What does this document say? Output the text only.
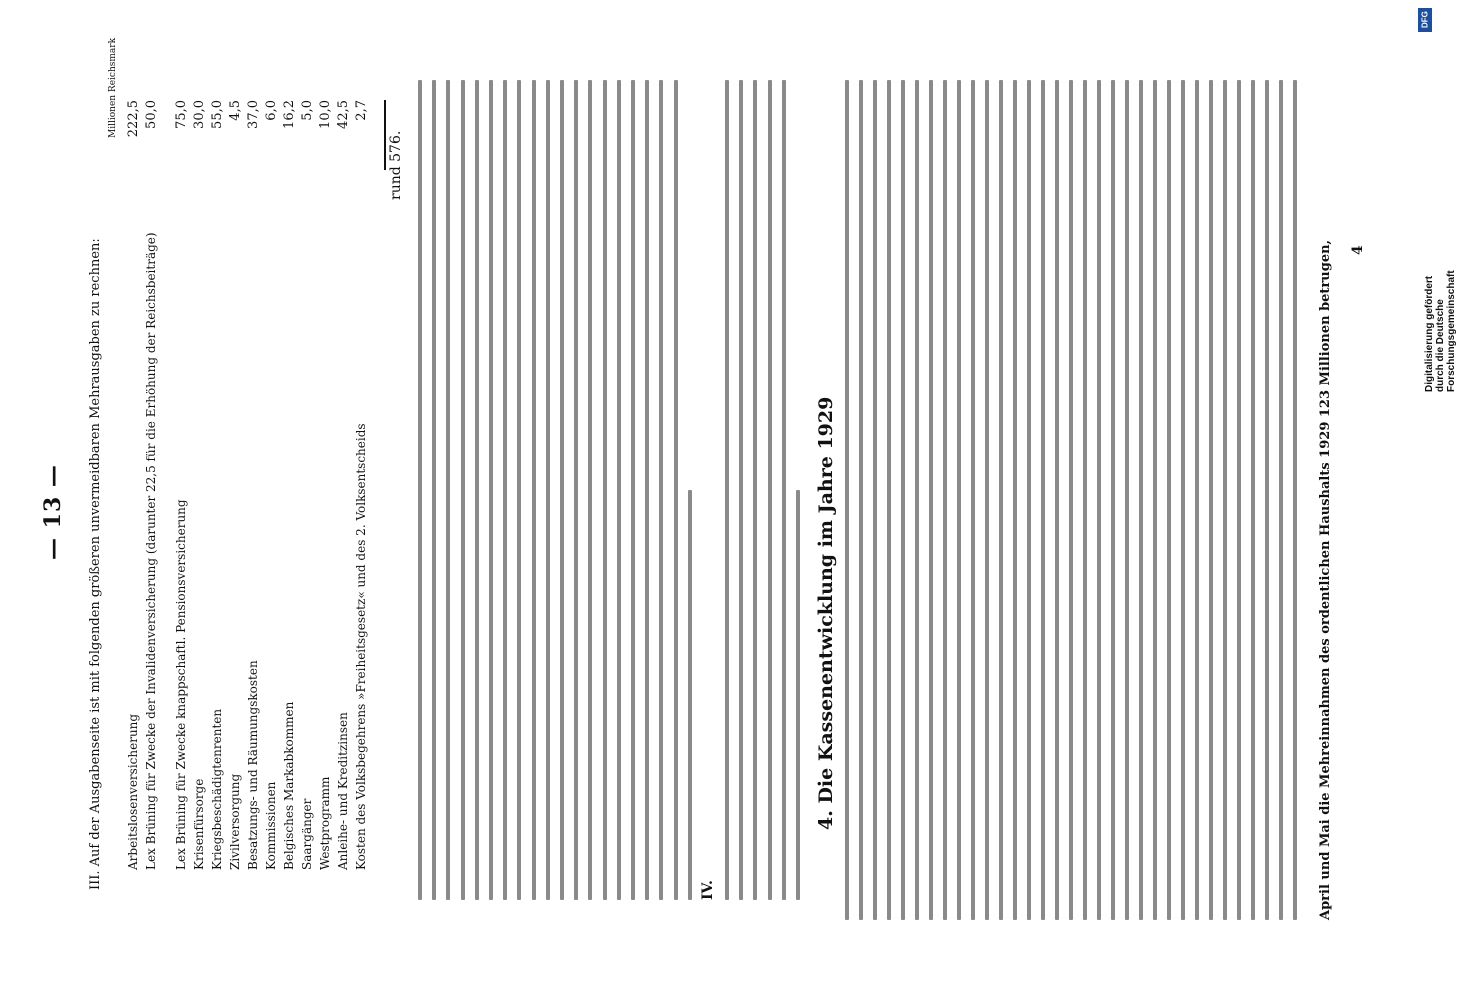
— 13 — III. Auf der Ausgabenseite ist mit folgenden größeren unvermeidbaren Mehrausgaben zu rechnen:
Millionen Reichsmark
Arbeitslosenversicherung
222,5
Lex Brüning für Zwecke der Invalidenversicherung (darunter 22,5 für die Erhöhung der Reichsbeiträge)
50,0
Lex Brüning für Zwecke knappschaftl. Pensionsversicherung
75,0
Krisenfürsorge
30,0
Kriegsbeschädigtenrenten
55,0
Zivilversorgung
4,5
Besatzungs- und Räumungskosten
37,0
Kommissionen
6,0
Belgisches Markabkommen
16,2
Saargänger
5,0
Westprogramm
10,0
Anleihe- und Kreditzinsen
42,5
Kosten des Volksbegehrens »Freiheitsgesetz« und des 2. Volksentscheids
2,7
rund 576.
IV.
4
4. Die Kassenentwicklung im Jahre 1929	April und Mai die Mehreinnahmen des ordentlichen Haushalts 1929 123 Millionen betrugen,
DFG
Digitalisierung gefördert durch die Deutsche Forschungsgemeinschaft
